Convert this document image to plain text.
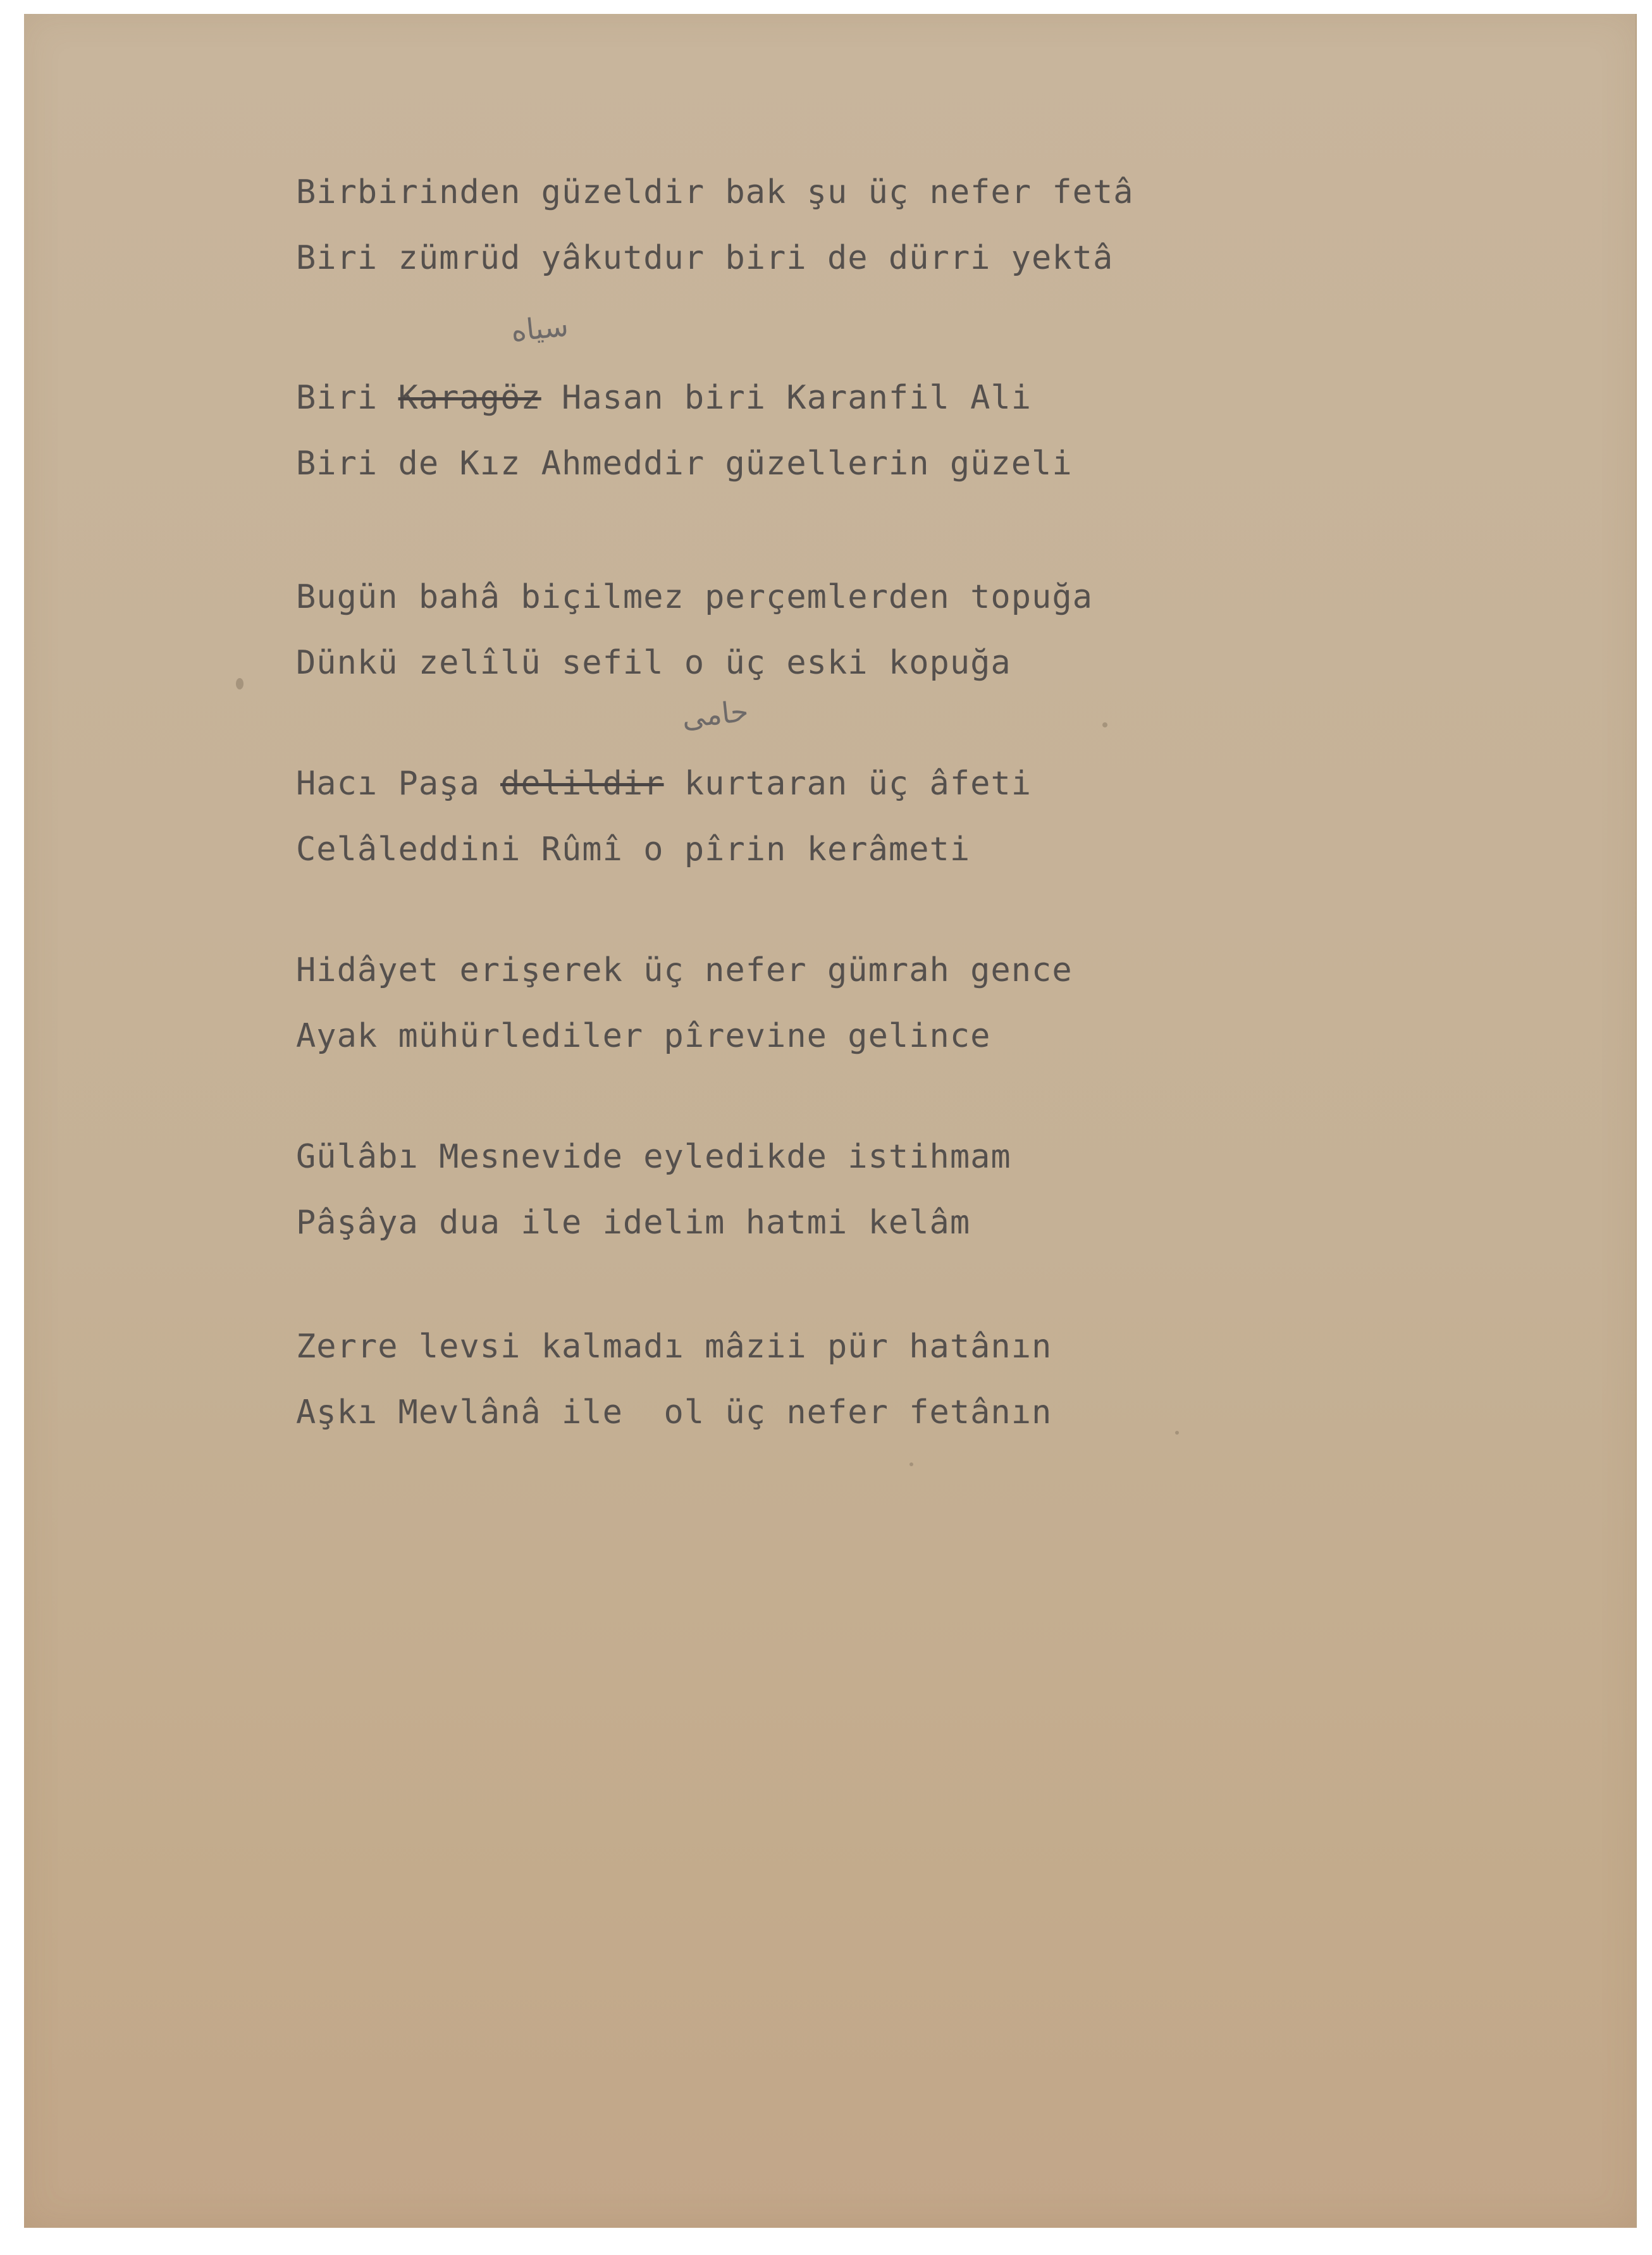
Birbirinden güzeldir bak şu üç nefer fetâ
Biri zümrüd yâkutdur biri de dürri yektâ
سیاه
Biri Karagöz Hasan biri Karanfil Ali
Biri de Kız Ahmeddir güzellerin güzeli
Bugün bahâ biçilmez perçemlerden topuğa
Dünkü zelîlü sefil o üç eski kopuğa
حامی
Hacı Paşa delildir kurtaran üç âfeti
Celâleddini Rûmî o pîrin kerâmeti
Hidâyet erişerek üç nefer gümrah gence
Ayak mühürlediler pîrevine gelince
Gülâbı Mesnevide eyledikde istihmam
Pâşâya dua ile idelim hatmi kelâm
Zerre levsi kalmadı mâzii pür hatânın
Aşkı Mevlânâ ile  ol üç nefer fetânın
